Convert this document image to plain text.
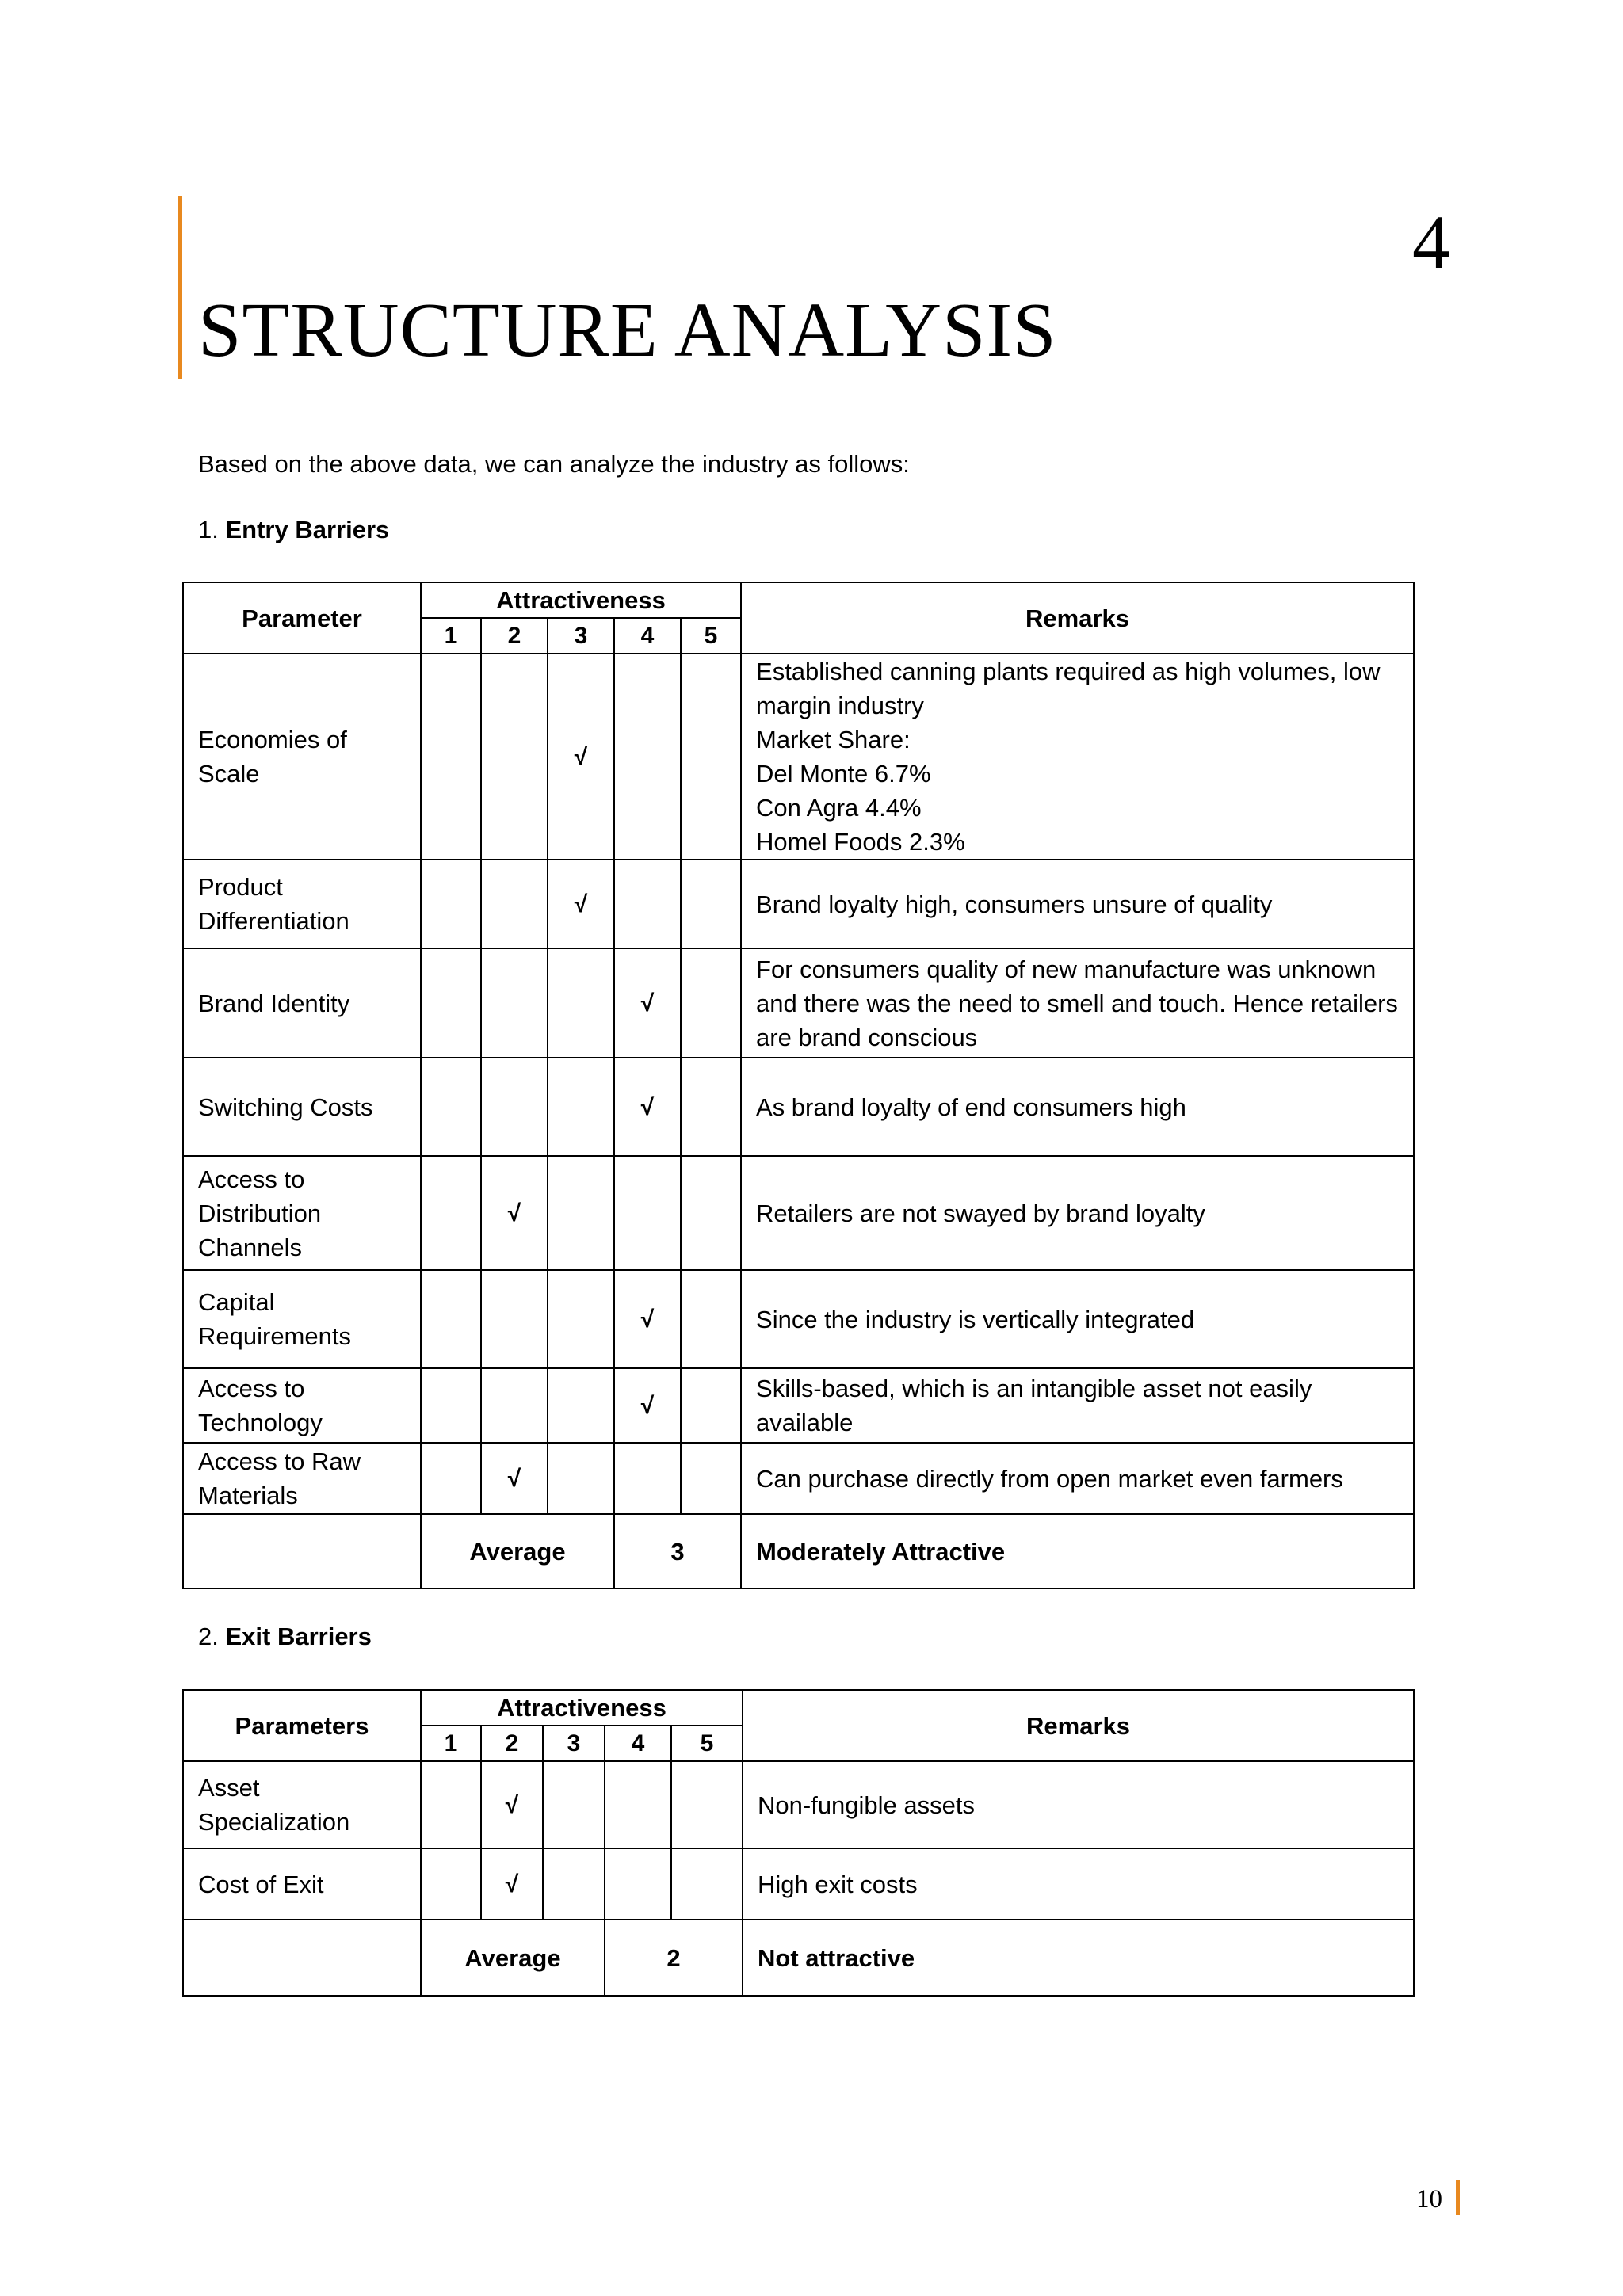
4
STRUCTURE ANALYSIS
Based on the above data, we can analyze the industry as follows:
1. Entry Barriers
Parameter	Attractiveness					Remarks
	1	2	3	4	5	
Economies of Scale			√			Established canning plants required as high volumes, low margin industry
Market Share:
Del Monte 6.7%
Con Agra 4.4%
Homel Foods 2.3%

Product Differentiation			√			Brand loyalty high, consumers unsure of quality

Brand Identity				√		For consumers quality of new manufacture was unknown and there was the need to smell and touch. Hence retailers are brand conscious

Switching Costs				√		As brand loyalty of end consumers high

Access to Distribution Channels		√				Retailers are not swayed by brand loyalty

Capital Requirements				√		Since the industry is vertically integrated

Access to Technology				√		Skills-based, which is an intangible asset not easily available

Access to Raw Materials		√				Can purchase directly from open market even farmers

	Average			3		Moderately Attractive
2. Exit Barriers
Parameters	Attractiveness					Remarks
	1	2	3	4	5	
Asset Specialization		√				Non-fungible assets

Cost of Exit		√				High exit costs

	Average			2		Not attractive
10
